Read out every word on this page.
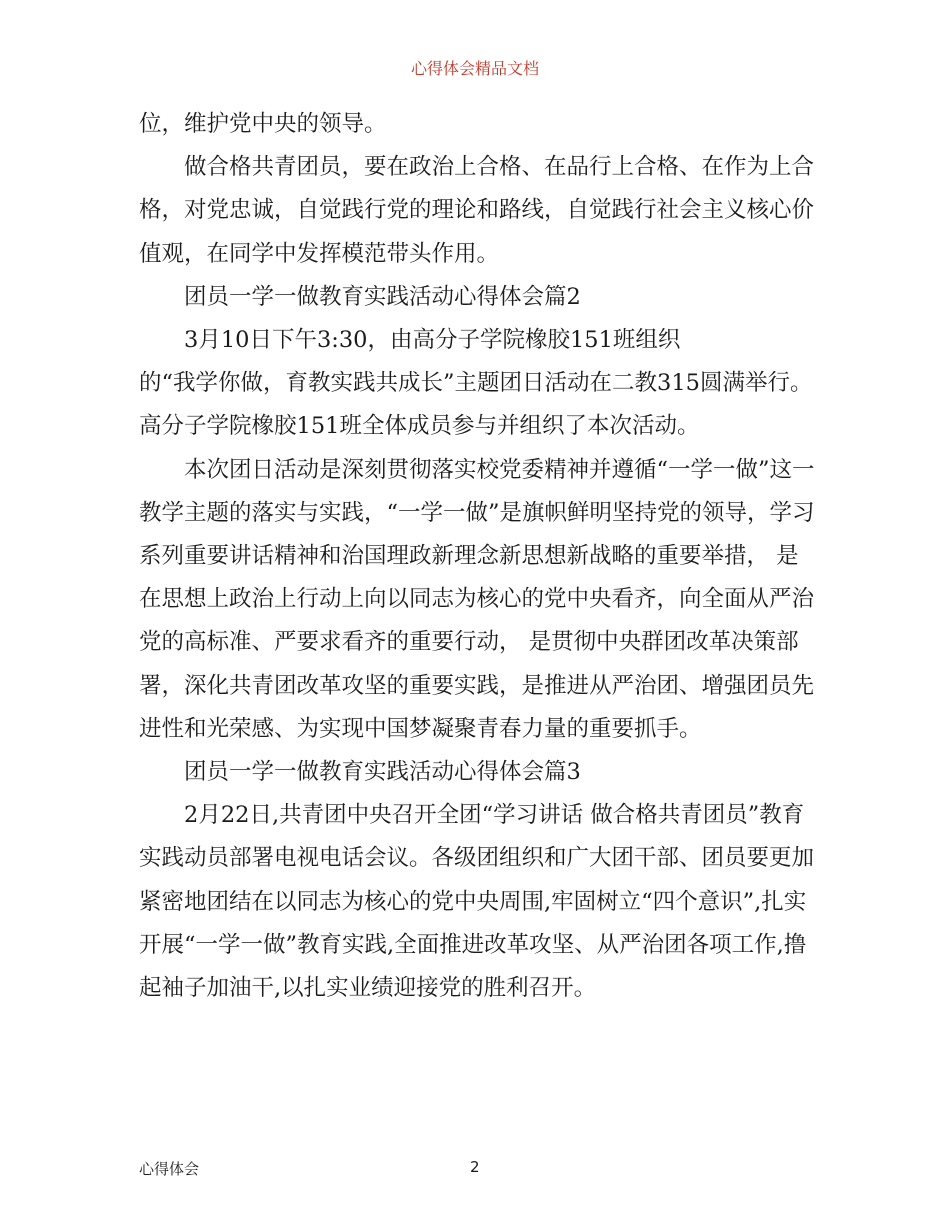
心得体会精品文档

位，维护党中央的领导。

做合格共青团员，要在政治上合格、在品行上合格、在作为上合格，对党忠诚，自觉践行党的理论和路线，自觉践行社会主义核心价值观，在同学中发挥模范带头作用。

团员一学一做教育实践活动心得体会篇2

3月10日下午3:30，由高分子学院橡胶151班组织

的“我学你做，育教实践共成长”主题团日活动在二教315圆满举行。高分子学院橡胶151班全体成员参与并组织了本次活动。

本次团日活动是深刻贯彻落实校党委精神并遵循“一学一做”这一教学主题的落实与实践，“一学一做”是旗帜鲜明坚持党的领导，学习系列重要讲话精神和治国理政新理念新思想新战略的重要举措， 是在思想上政治上行动上向以同志为核心的党中央看齐，向全面从严治党的高标准、严要求看齐的重要行动， 是贯彻中央群团改革决策部署，深化共青团改革攻坚的重要实践，是推进从严治团、增强团员先进性和光荣感、为实现中国梦凝聚青春力量的重要抓手。

团员一学一做教育实践活动心得体会篇3

2月22日,共青团中央召开全团“学习讲话 做合格共青团员”教育实践动员部署电视电话会议。各级团组织和广大团干部、团员要更加紧密地团结在以同志为核心的党中央周围,牢固树立“四个意识”,扎实开展“一学一做”教育实践,全面推进改革攻坚、从严治团各项工作,撸起袖子加油干,以扎实业绩迎接党的胜利召开。

心得体会	2
